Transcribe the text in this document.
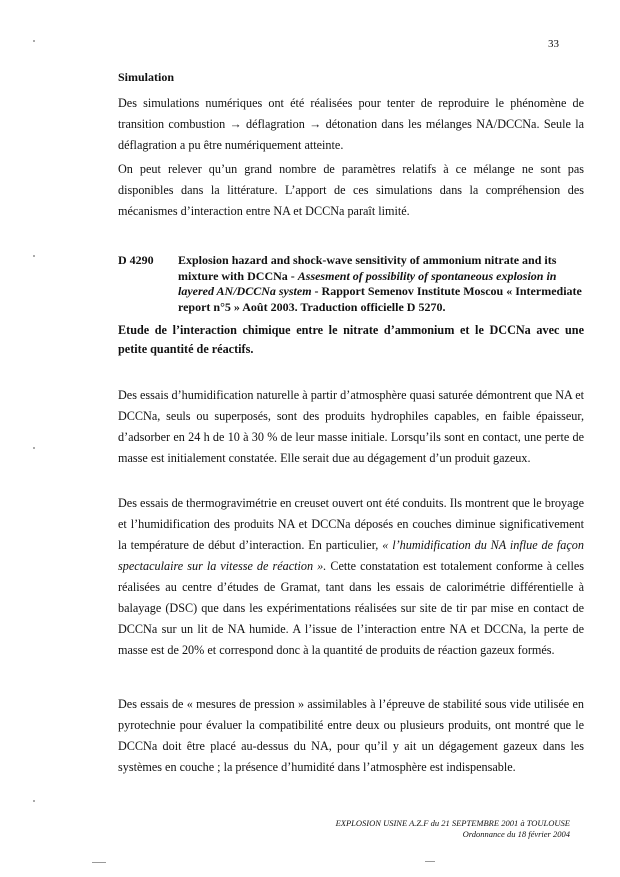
33
Simulation

Des simulations numériques ont été réalisées pour tenter de reproduire le phénomène de transition combustion → déflagration → détonation dans les mélanges NA/DCCNa. Seule la déflagration a pu être numériquement atteinte.

On peut relever qu’un grand nombre de paramètres relatifs à ce mélange ne sont pas disponibles dans la littérature. L’apport de ces simulations dans la compréhension des mécanismes d’interaction entre NA et DCCNa paraît limité.

D 4290 Explosion hazard and shock-wave sensitivity of ammonium nitrate and its mixture with DCCNa - Assesment of possibility of spontaneous explosion in layered AN/DCCNa system - Rapport Semenov Institute Moscou « Intermediate report n°5 » Août 2003. Traduction officielle D 5270.

Etude de l’interaction chimique entre le nitrate d’ammonium et le DCCNa avec une petite quantité de réactifs.

Des essais d’humidification naturelle à partir d’atmosphère quasi saturée démontrent que NA et DCCNa, seuls ou superposés, sont des produits hydrophiles capables, en faible épaisseur, d’adsorber en 24 h de 10 à 30 % de leur masse initiale. Lorsqu’ils sont en contact, une perte de masse est initialement constatée. Elle serait due au dégagement d’un produit gazeux.

Des essais de thermogravimétrie en creuset ouvert ont été conduits. Ils montrent que le broyage et l’humidification des produits NA et DCCNa déposés en couches diminue significativement la température de début d’interaction. En particulier, « l’humidification du NA influe de façon spectaculaire sur la vitesse de réaction ». Cette constatation est totalement conforme à celles réalisées au centre d’études de Gramat, tant dans les essais de calorimétrie différentielle à balayage (DSC) que dans les expérimentations réalisées sur site de tir par mise en contact de DCCNa sur un lit de NA humide. A l’issue de l’interaction entre NA et DCCNa, la perte de masse est de 20% et correspond donc à la quantité de produits de réaction gazeux formés.

Des essais de « mesures de pression » assimilables à l’épreuve de stabilité sous vide utilisée en pyrotechnie pour évaluer la compatibilité entre deux ou plusieurs produits, ont montré que le DCCNa doit être placé au-dessus du NA, pour qu’il y ait un dégagement gazeux dans les systèmes en couche ; la présence d’humidité dans l’atmosphère est indispensable.

EXPLOSION USINE A.Z.F du 21 SEPTEMBRE 2001 à TOULOUSE
Ordonnance du 18 février 2004
